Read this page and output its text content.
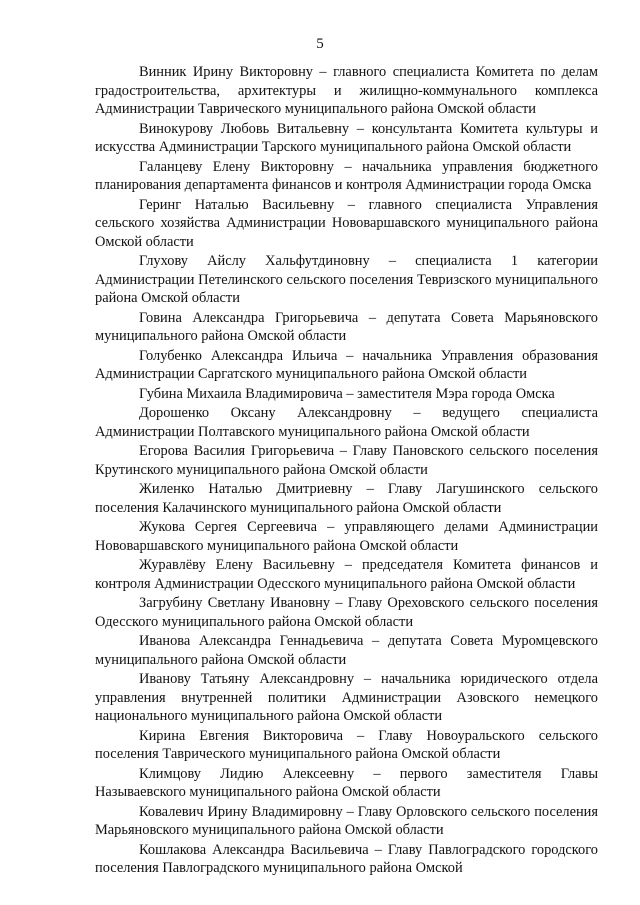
5

Винник Ирину Викторовну – главного специалиста Комитета по делам градостроительства, архитектуры и жилищно-коммунального комплекса Администрации Таврического муниципального района Омской области

Винокурову Любовь Витальевну – консультанта Комитета культуры и искусства Администрации Тарского муниципального района Омской области

Галанцеву Елену Викторовну – начальника управления бюджетного планирования департамента финансов и контроля Администрации города Омска

Геринг Наталью Васильевну – главного специалиста Управления сельского хозяйства Администрации Нововаршавского муниципального района Омской области

Глухову Айслу Хальфутдиновну – специалиста 1 категории Администрации Петелинского сельского поселения Тевризского муниципального района Омской области

Говина Александра Григорьевича – депутата Совета Марьяновского муниципального района Омской области

Голубенко Александра Ильича – начальника Управления образования Администрации Саргатского муниципального района Омской области

Губина Михаила Владимировича – заместителя Мэра города Омска

Дорошенко Оксану Александровну – ведущего специалиста Администрации Полтавского муниципального района Омской области

Егорова Василия Григорьевича – Главу Пановского сельского поселения Крутинского муниципального района Омской области

Жиленко Наталью Дмитриевну – Главу Лагушинского сельского поселения Калачинского муниципального района Омской области

Жукова Сергея Сергеевича – управляющего делами Администрации Нововаршавского муниципального района Омской области

Журавлёву Елену Васильевну – председателя Комитета финансов и контроля Администрации Одесского муниципального района Омской области

Загрубину Светлану Ивановну – Главу Ореховского сельского поселения Одесского муниципального района Омской области

Иванова Александра Геннадьевича – депутата Совета Муромцевского муниципального района Омской области

Иванову Татьяну Александровну – начальника юридического отдела управления внутренней политики Администрации Азовского немецкого национального муниципального района Омской области

Кирина Евгения Викторовича – Главу Новоуральского сельского поселения Таврического муниципального района Омской области

Климцову Лидию Алексеевну – первого заместителя Главы Называевского муниципального района Омской области

Ковалевич Ирину Владимировну – Главу Орловского сельского поселения Марьяновского муниципального района Омской области

Кошлакова Александра Васильевича – Главу Павлоградского городского поселения Павлоградского муниципального района Омской
